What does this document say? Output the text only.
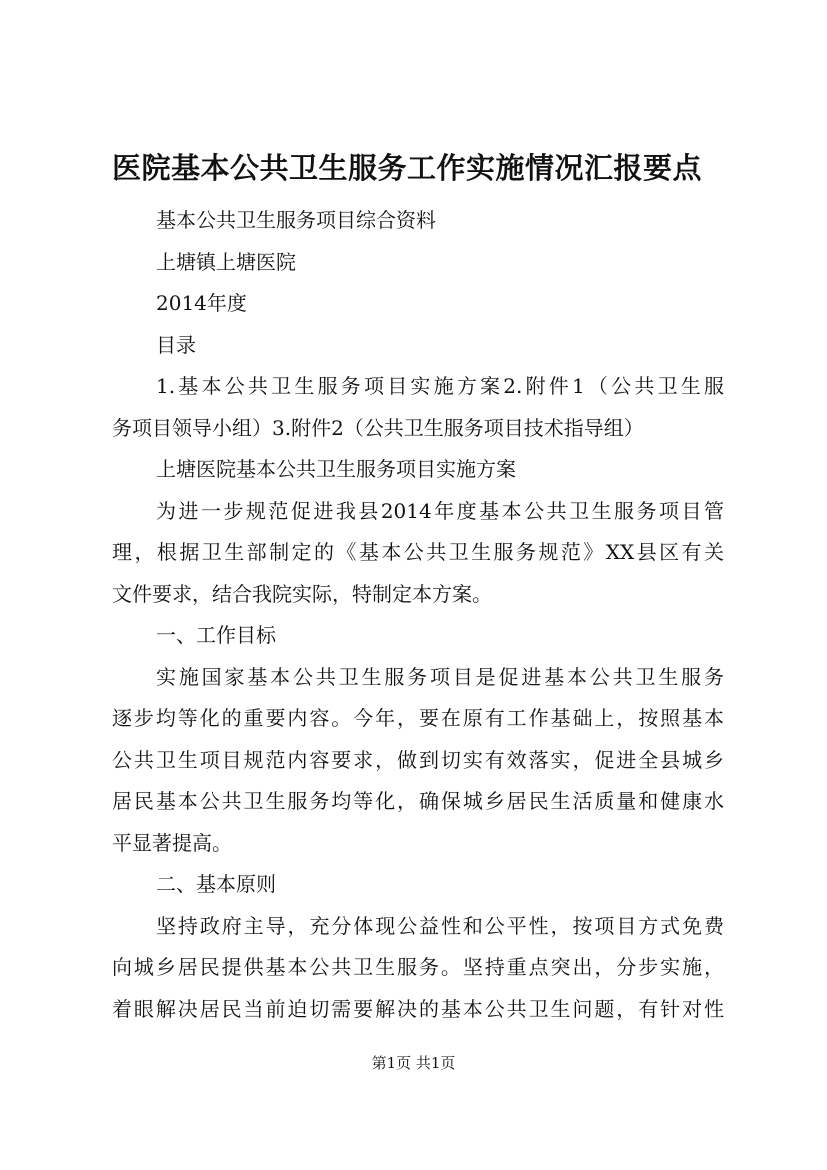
医院基本公共卫生服务工作实施情况汇报要点
基本公共卫生服务项目综合资料
上塘镇上塘医院
2014年度
目录
1.基本公共卫生服务项目实施方案2.附件1（公共卫生服
务项目领导小组）3.附件2（公共卫生服务项目技术指导组）
上塘医院基本公共卫生服务项目实施方案
为进一步规范促进我县2014年度基本公共卫生服务项目管
理，根据卫生部制定的《基本公共卫生服务规范》XX县区有关
文件要求，结合我院实际，特制定本方案。
一、工作目标
实施国家基本公共卫生服务项目是促进基本公共卫生服务
逐步均等化的重要内容。今年，要在原有工作基础上，按照基本
公共卫生项目规范内容要求，做到切实有效落实，促进全县城乡
居民基本公共卫生服务均等化，确保城乡居民生活质量和健康水
平显著提高。
二、基本原则
坚持政府主导，充分体现公益性和公平性，按项目方式免费
向城乡居民提供基本公共卫生服务。坚持重点突出，分步实施，
着眼解决居民当前迫切需要解决的基本公共卫生问题，有针对性
第1页 共1页
